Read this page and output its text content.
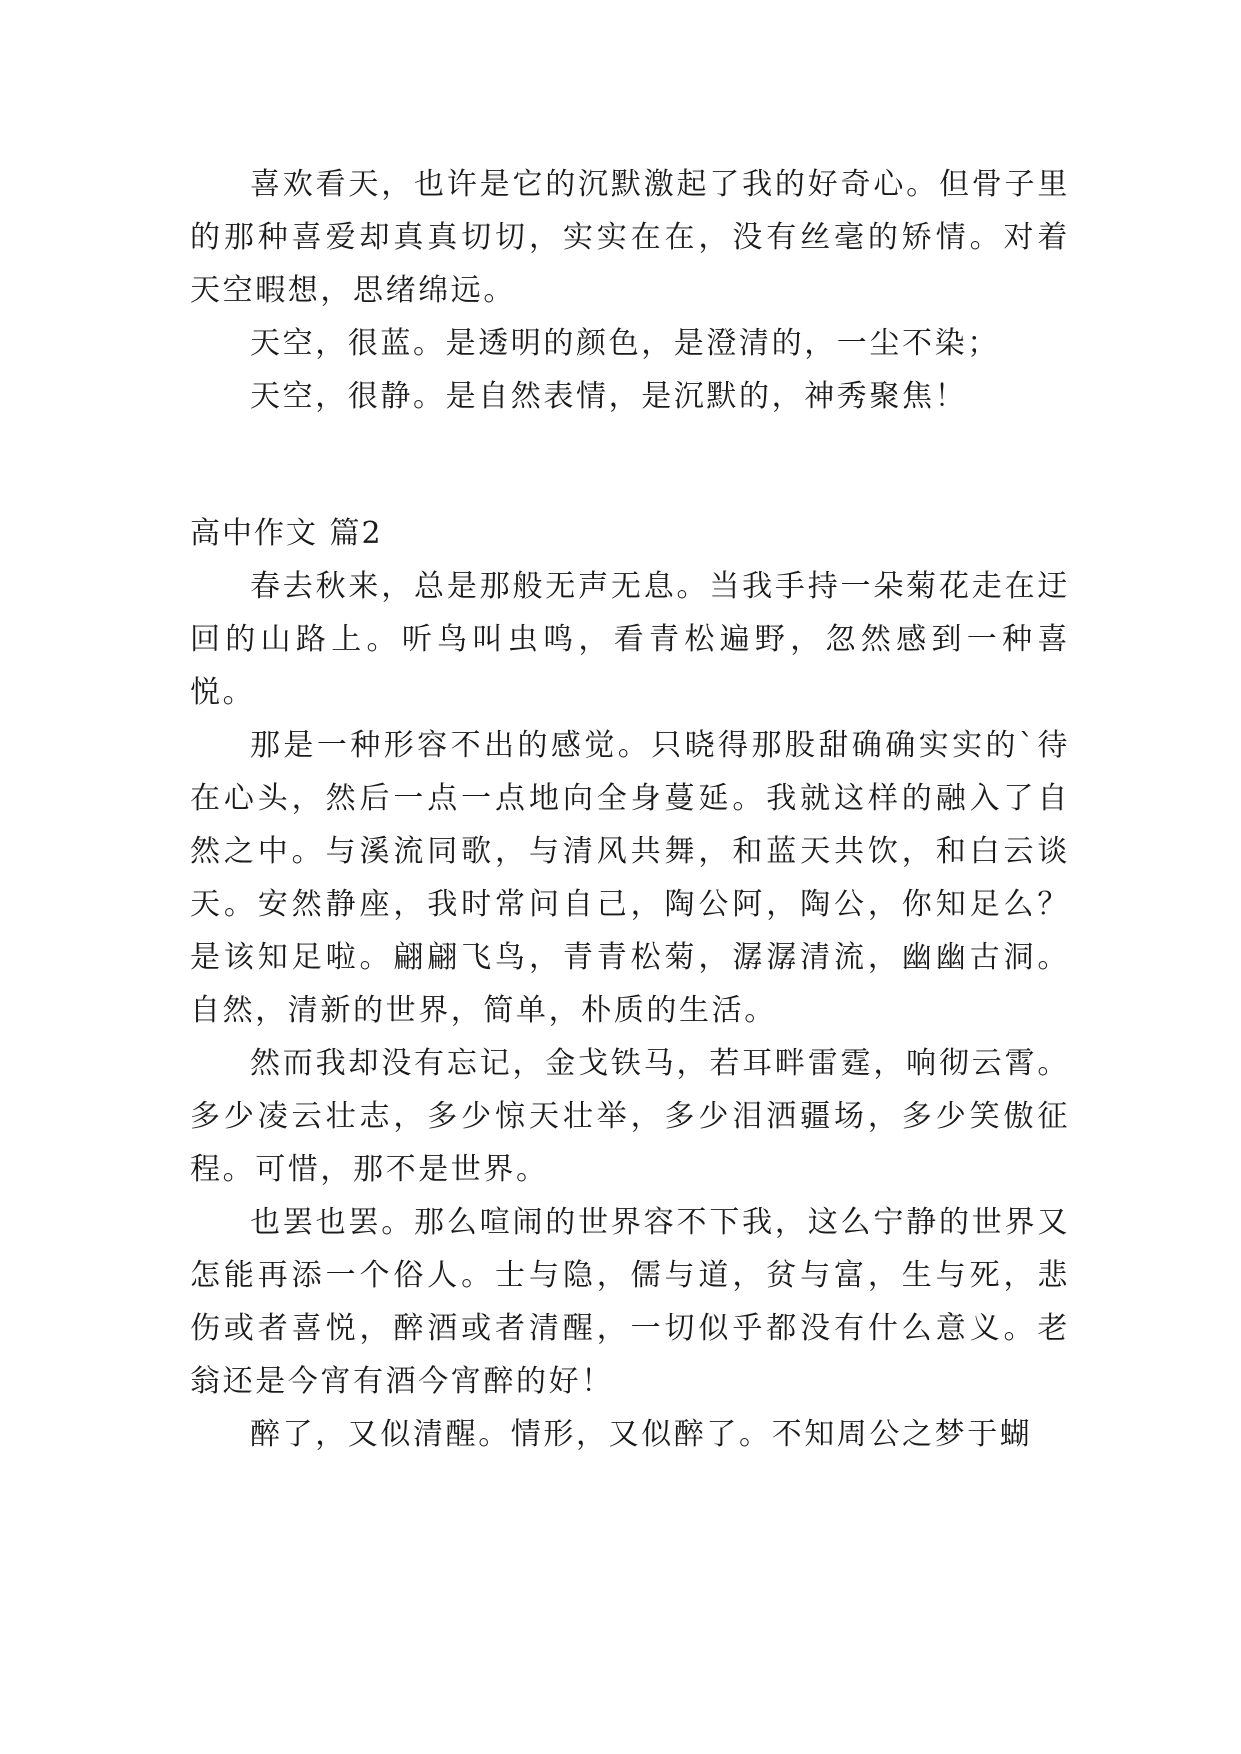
喜欢看天，也许是它的沉默激起了我的好奇心。但骨子里的那种喜爱却真真切切，实实在在，没有丝毫的矫情。对着天空暇想，思绪绵远。

天空，很蓝。是透明的颜色，是澄清的，一尘不染；

天空，很静。是自然表情，是沉默的，神秀聚焦！

高中作文 篇2

春去秋来，总是那般无声无息。当我手持一朵菊花走在迂回的山路上。听鸟叫虫鸣，看青松遍野，忽然感到一种喜悦。

那是一种形容不出的感觉。只晓得那股甜确确实实的`待在心头，然后一点一点地向全身蔓延。我就这样的融入了自然之中。与溪流同歌，与清风共舞，和蓝天共饮，和白云谈天。安然静座，我时常问自己，陶公阿，陶公，你知足么？是该知足啦。翩翩飞鸟，青青松菊，潺潺清流，幽幽古洞。自然，清新的世界，简单，朴质的生活。

然而我却没有忘记，金戈铁马，若耳畔雷霆，响彻云霄。多少凌云壮志，多少惊天壮举，多少泪洒疆场，多少笑傲征程。可惜，那不是世界。

也罢也罢。那么喧闹的世界容不下我，这么宁静的世界又怎能再添一个俗人。士与隐，儒与道，贫与富，生与死，悲伤或者喜悦，醉酒或者清醒，一切似乎都没有什么意义。老翁还是今宵有酒今宵醉的好！

醉了，又似清醒。情形，又似醉了。不知周公之梦于蝴
